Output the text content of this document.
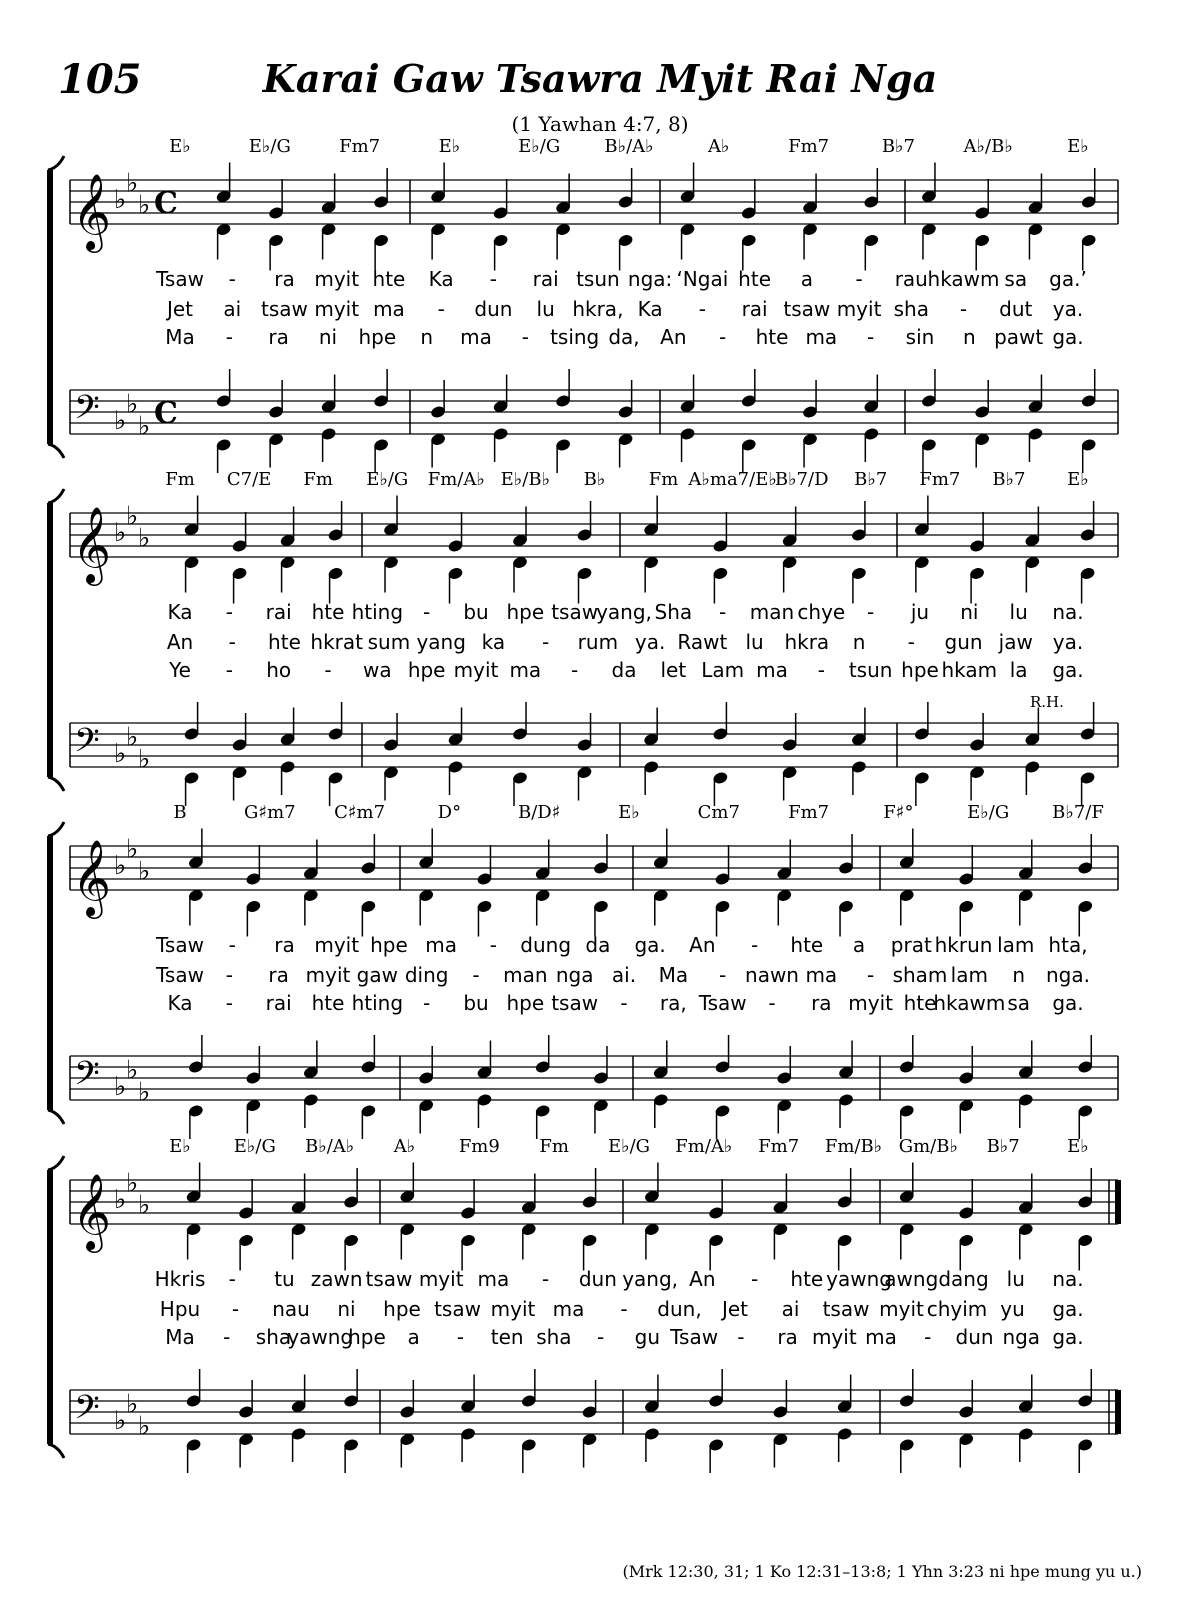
105	Karai Gaw Tsawra Myit Rai Nga
(1 Yawhan 4:7, 8)
𝄞 ♭
♭
♭ C
𝄢 ♭
♭
♭ C
E♭	E♭/G	Fm7	E♭	E♭/G B♭/A♭	A♭	Fm7	B♭7	A♭/B♭	E♭
Tsaw - ra myit hte Ka - rai tsun nga: ‘Ngai hte a - rau hkawm sa ga.’
Jet ai tsaw myit ma - dun lu hkra, Ka - rai tsaw myit sha - dut ya.
Ma - ra ni hpe n ma - tsing da, An - hte ma - sin n pawt ga.
𝄞 ♭
♭
♭
𝄢 ♭
♭
♭
Fm C7/E Fm E♭/G Fm/A♭ E♭/B♭ B♭ Fm A♭ma7/E♭
B♭7/D B♭7 Fm7 B♭7 E♭
Ka - rai hte hting - bu hpe tsaw
yang, Sha - man chye - ju ni lu na.
An - hte hkrat sum yang ka - rum ya. Rawt lu hkra n - gun jaw ya.
Ye - ho - wa hpe myit ma - da let Lam ma - tsun hpe hkam la ga.
R.H.
𝄞 ♭
♭
♭
𝄢 ♭
♭
♭
B	G♯m7 C♯m7	D°	B/D♯	E♭	Cm7	Fm7	F♯°	E♭/G B♭7/F
Tsaw - ra myit hpe ma - dung da ga. An - hte a prat hkrun lam hta,
Tsaw - ra myit gaw ding - man nga ai. Ma - nawn ma - sham lam n nga.
Ka - rai hte hting - bu hpe tsaw - ra, Tsaw - ra myit hte
hkawm sa ga.
𝄞 ♭
♭
♭
𝄢 ♭
♭
♭
E♭ E♭/G B♭/A♭ A♭ Fm9 Fm E♭/G Fm/A♭ Fm7 Fm/B♭ Gm/B♭ B♭7	E♭
Hkris - tu zawn tsaw myit ma - dun yang, An - hte yawng
awng dang lu na.
Hpu - nau ni hpe tsaw myit ma - dun, Jet ai tsaw myit chyim yu ga.
Ma - sha
yawng
hpe a - ten sha - gu Tsaw - ra myit ma - dun nga ga.
(Mrk 12:30, 31; 1 Ko 12:31–13:8; 1 Yhn 3:23 ni hpe mung yu u.)
